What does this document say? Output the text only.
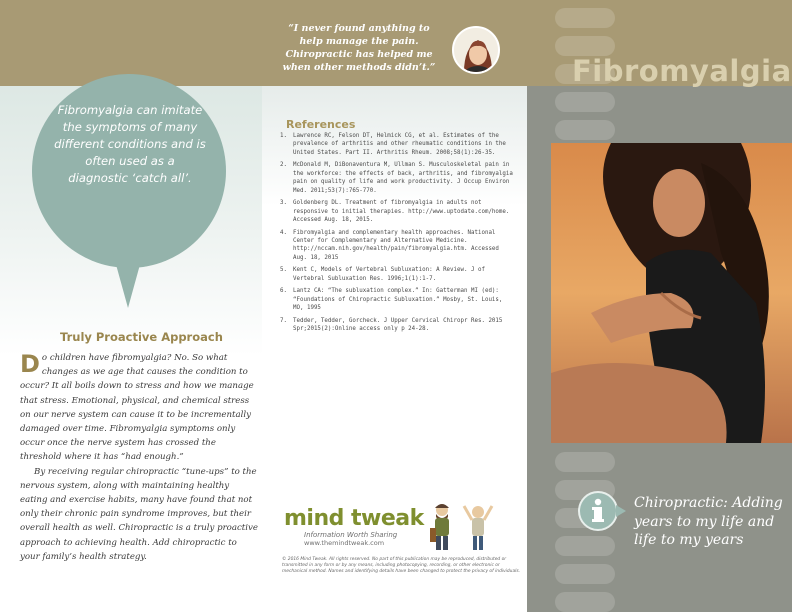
“I never found anything to help manage the pain. Chiropractic has helped me when other methods didn’t.”	Fibromyalgia
Fibromyalgia can imitate the symptoms of many different conditions and is often used as a diagnostic ‘catch all’.
Truly Proactive Approach

Do children have fibromyalgia? No. So what changes as we age that causes the condition to occur? It all boils down to stress and how we manage that stress. Emotional, physical, and chemical stress on our nerve system can cause it to be incrementally damaged over time. Fibromyalgia symptoms only occur once the nerve system has crossed the threshold where it has “had enough.”

By receiving regular chiropractic “tune-ups” to the nervous system, along with maintaining healthy eating and exercise habits, many have found that not only their chronic pain syndrome improves, but their overall health as well. Chiropractic is a truly proactive approach to achieving health. Add chiropractic to your family’s health strategy.

References
1. Lawrence RC, Felson DT, Helmick CG, et al. Estimates of the prevalence of arthritis and other rheumatic conditions in the United States. Part II. Arthritis Rheum. 2008;58(1):26-35.
2. McDonald M, DiBonaventura M, Ullman S. Musculoskeletal pain in the workforce: the effects of back, arthritis, and fibromyalgia pain on quality of life and work productivity. J Occup Environ Med. 2011;53(7):765-770.
3. Goldenberg DL. Treatment of fibromyalgia in adults not responsive to initial therapies. http://www.uptodate.com/home. Accessed Aug. 18, 2015.
4. Fibromyalgia and complementary health approaches. National Center for Complementary and Alternative Medicine. http://nccam.nih.gov/health/pain/fibromyalgia.htm. Accessed Aug. 18, 2015
5. Kent C, Models of Vertebral Subluxation: A Review. J of Vertebral Subluxation Res. 1996;1(1):1-7.
6. Lantz CA: “The subluxation complex.” In: Gatterman MI (ed): “Foundations of Chiropractic Subluxation.” Mosby, St. Louis, MO, 1995
7. Tedder, Tedder, Gorcheck. J Upper Cervical Chiropr Res. 2015 Spr;2015(2):Online access only p 24-28.
mind tweak
Information Worth Sharing
www.themindtweak.com
© 2016 Mind Tweak. All rights reserved. No part of this publication may be reproduced, distributed or transmitted in any form or by any means, including photocopying, recording, or other electronic or mechanical method. Names and identifying details have been changed to protect the privacy of individuals.
Chiropractic: Adding years to my life and life to my years
